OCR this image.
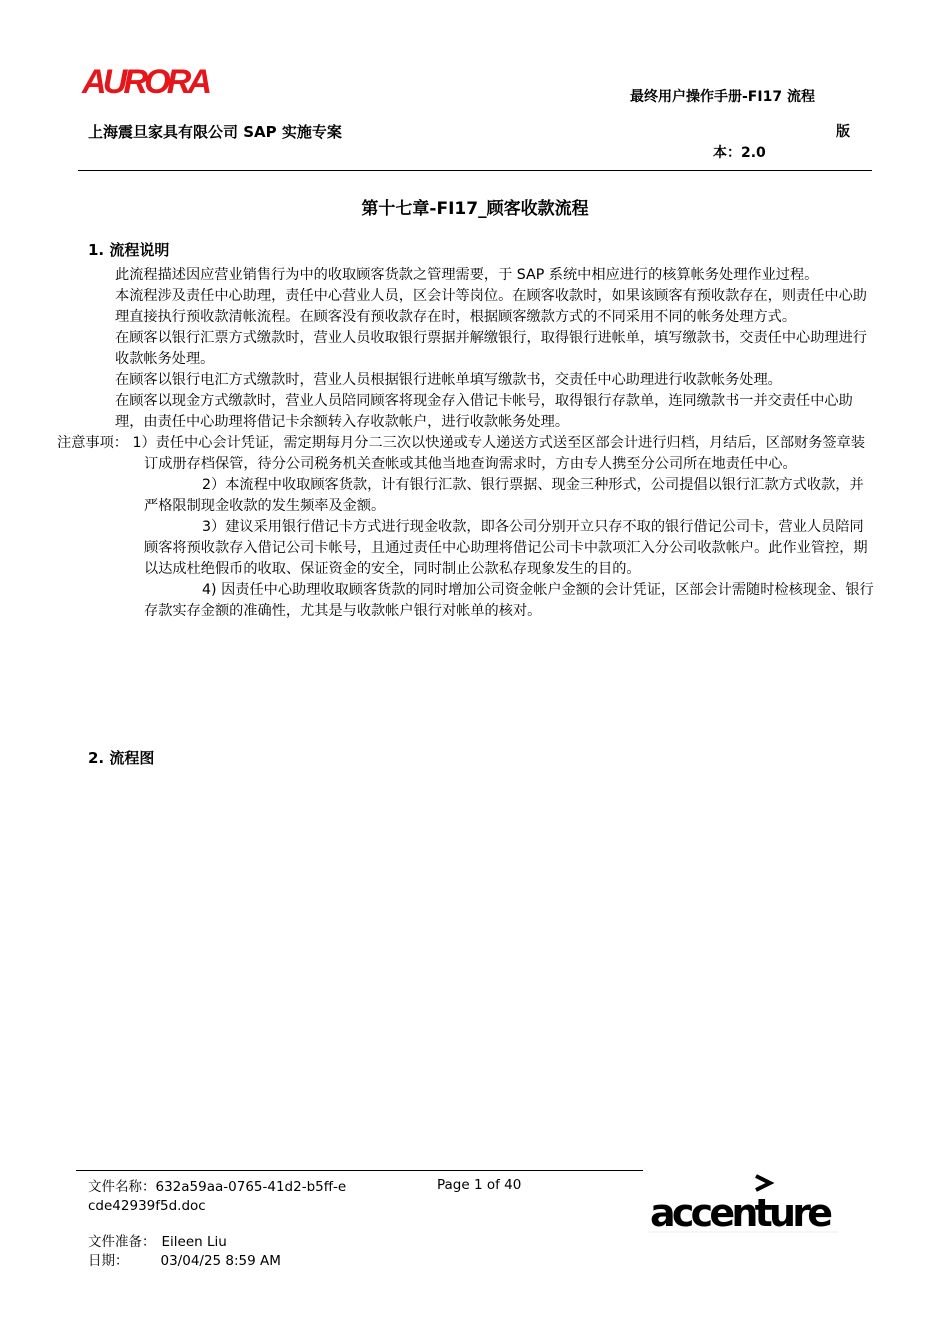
AURORA	最终用户操作手册-FI17 流程
上海震旦家具有限公司 SAP 实施专案	版
本：2.0
第十七章-FI17_顾客收款流程
1. 流程说明

此流程描述因应营业销售行为中的收取顾客货款之管理需要，于 SAP 系统中相应进行的核算帐务处理作业过程。

本流程涉及责任中心助理，责任中心营业人员，区会计等岗位。在顾客收款时，如果该顾客有预收款存在，则责任中心助理直接执行预收款清帐流程。在顾客没有预收款存在时，根据顾客缴款方式的不同采用不同的帐务处理方式。

在顾客以银行汇票方式缴款时，营业人员收取银行票据并解缴银行，取得银行进帐单，填写缴款书，交责任中心助理进行收款帐务处理。

在顾客以银行电汇方式缴款时，营业人员根据银行进帐单填写缴款书，交责任中心助理进行收款帐务处理。

在顾客以现金方式缴款时，营业人员陪同顾客将现金存入借记卡帐号，取得银行存款单，连同缴款书一并交责任中心助理，由责任中心助理将借记卡余额转入存收款帐户，进行收款帐务处理。

注意事项： 1）责任中心会计凭证，需定期每月分二三次以快递或专人递送方式送至区部会计进行归档，月结后，区部财务签章装订成册存档保管，待分公司税务机关查帐或其他当地查询需求时，方由专人携至分公司所在地责任中心。

2）本流程中收取顾客货款，计有银行汇款、银行票据、现金三种形式，公司提倡以银行汇款方式收款，并严格限制现金收款的发生频率及金额。

3）建议采用银行借记卡方式进行现金收款，即各公司分别开立只存不取的银行借记公司卡，营业人员陪同顾客将预收款存入借记公司卡帐号，且通过责任中心助理将借记公司卡中款项汇入分公司收款帐户。此作业管控，期以达成杜绝假币的收取、保证资金的安全，同时制止公款私存现象发生的目的。

4) 因责任中心助理收取顾客货款的同时增加公司资金帐户金额的会计凭证，区部会计需随时检核现金、银行存款实存金额的准确性，尤其是与收款帐户银行对帐单的核对。

2. 流程图
文件名称：632a59aa-0765-41d2-b5ff-ecde42939f5d.doc
Page 1 of 40
文件准备： Eileen Liu
日期： 03/04/25 8:59 AM
accenture
